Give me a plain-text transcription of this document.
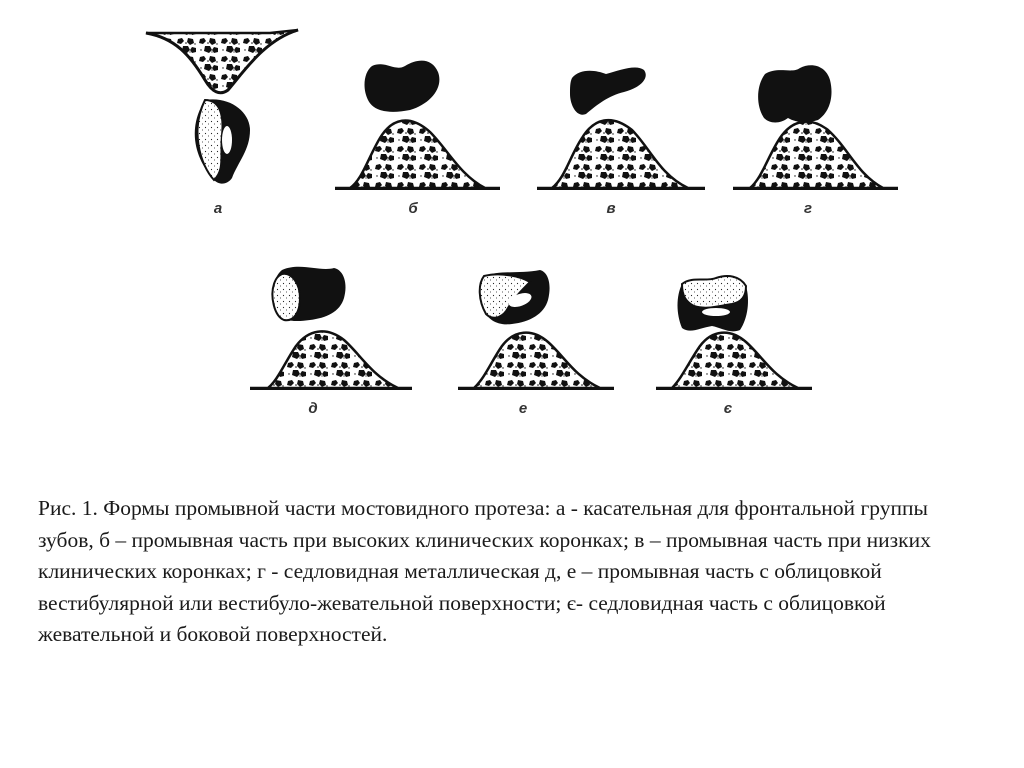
а	б	в	г
д	е	є

Рис. 1. Формы промывной части мостовидного протеза: а - касательная для фронтальной группы зубов, б – промывная часть при высоких клинических коронках; в – промывная часть при низких клинических коронках; г - седловидная металлическая д, е – промывная часть с облицовкой вестибулярной или вестибуло-жевательной поверхности; є- седловидная часть с облицовкой жевательной и боковой поверхностей.
